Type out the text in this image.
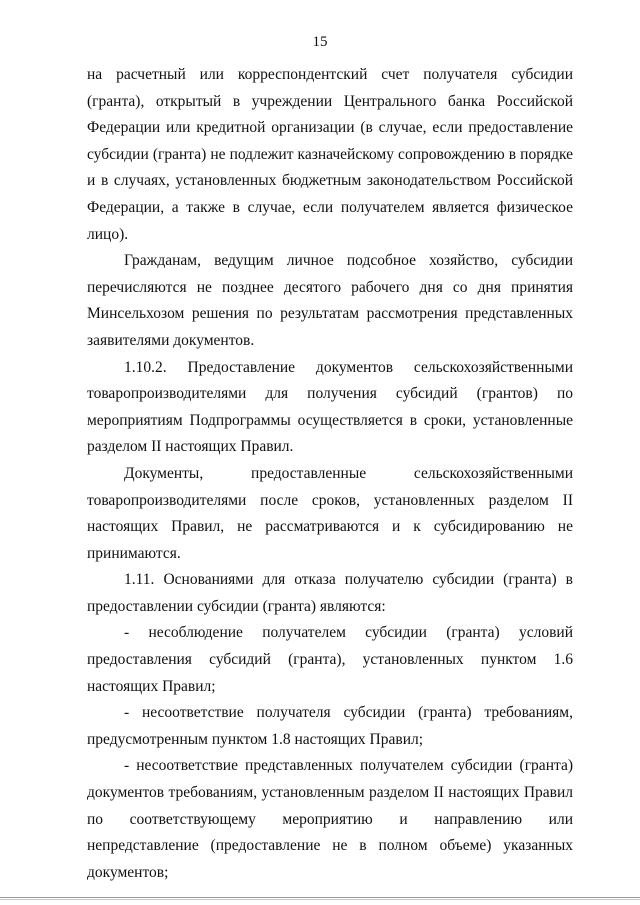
15

на расчетный или корреспондентский счет получателя субсидии (гранта), открытый в учреждении Центрального банка Российской Федерации или кредитной организации (в случае, если предоставление субсидии (гранта) не подлежит казначейскому сопровождению в порядке и в случаях, установленных бюджетным законодательством Российской Федерации, а также в случае, если получателем является физическое лицо).

Гражданам, ведущим личное подсобное хозяйство, субсидии перечисляются не позднее десятого рабочего дня со дня принятия Минсельхозом решения по результатам рассмотрения представленных заявителями документов.

1.10.2. Предоставление документов сельскохозяйственными товаропроизводителями для получения субсидий (грантов) по мероприятиям Подпрограммы осуществляется в сроки, установленные разделом II настоящих Правил.

Документы, предоставленные сельскохозяйственными товаропроизводителями после сроков, установленных разделом II настоящих Правил, не рассматриваются и к субсидированию не принимаются.

1.11. Основаниями для отказа получателю субсидии (гранта) в предоставлении субсидии (гранта) являются:

- несоблюдение получателем субсидии (гранта) условий предоставления субсидий (гранта), установленных пунктом 1.6 настоящих Правил;

- несоответствие получателя субсидии (гранта) требованиям, предусмотренным пунктом 1.8 настоящих Правил;

- несоответствие представленных получателем субсидии (гранта) документов требованиям, установленным разделом II настоящих Правил по соответствующему мероприятию и направлению или непредставление (предоставление не в полном объеме) указанных документов;
